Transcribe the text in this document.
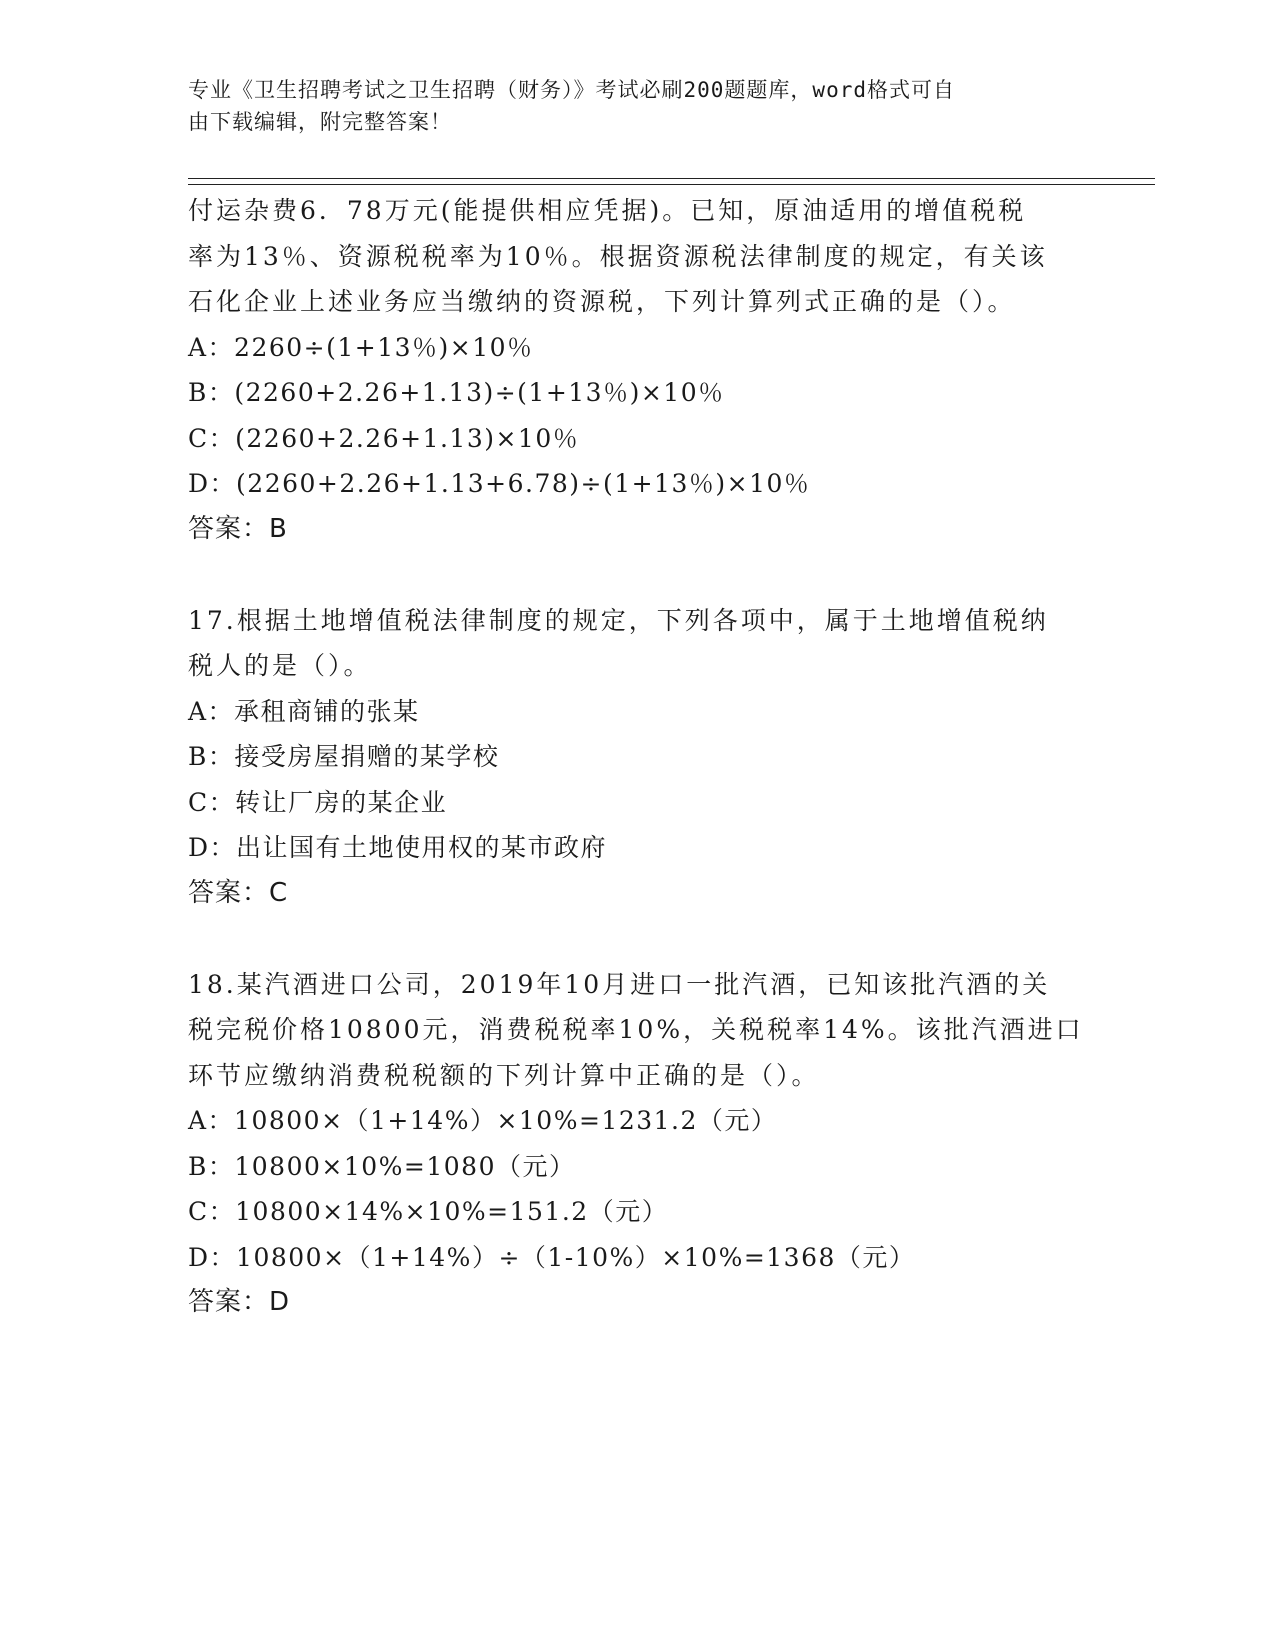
专业《卫生招聘考试之卫生招聘（财务）》考试必刷200题题库，word格式可自
由下载编辑，附完整答案！
付运杂费6．78万元(能提供相应凭据)。已知，原油适用的增值税税
率为13％、资源税税率为10％。根据资源税法律制度的规定，有关该
石化企业上述业务应当缴纳的资源税，下列计算列式正确的是（）。
A：2260÷(1+13％)×10％
B：(2260+2.26+1.13)÷(1+13％)×10％
C：(2260+2.26+1.13)×10％
D：(2260+2.26+1.13+6.78)÷(1+13％)×10％
答案：B
17.根据土地增值税法律制度的规定，下列各项中，属于土地增值税纳
税人的是（）。
A：承租商铺的张某
B：接受房屋捐赠的某学校
C：转让厂房的某企业
D：出让国有土地使用权的某市政府
答案：C
18.某汽酒进口公司，2019年10月进口一批汽酒，已知该批汽酒的关
税完税价格10800元，消费税税率10%，关税税率14%。该批汽酒进口
环节应缴纳消费税税额的下列计算中正确的是（）。
A：10800×（1+14%）×10%=1231.2（元）
B：10800×10%=1080（元）
C：10800×14%×10%=151.2（元）
D：10800×（1+14%）÷（1-10%）×10%=1368（元）
答案：D
